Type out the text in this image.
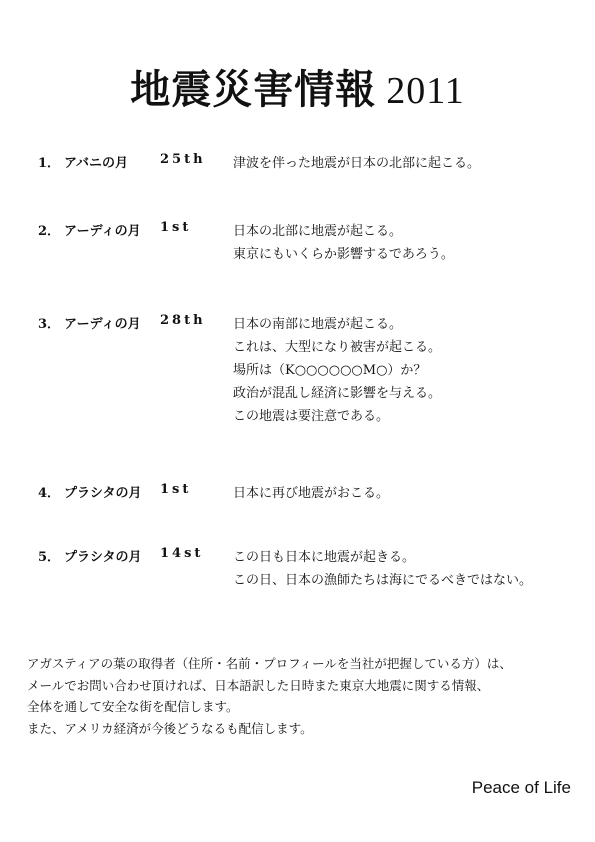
地震災害情報 2011
1． アバニの月 25th 津波を伴った地震が日本の北部に起こる。
2． アーディの月 1st	日本の北部に地震が起こる。
東京にもいくらか影響するであろう。
3． アーディの月 28th 日本の南部に地震が起こる。
これは、大型になり被害が起こる。
場所は（K○○○○○○M○）か？
政治が混乱し経済に影響を与える。
この地震は要注意である。
4． プラシタの月 1st	日本に再び地震がおこる。
5． プラシタの月 14st この日も日本に地震が起きる。
この日、日本の漁師たちは海にでるべきではない。
アガスティアの葉の取得者（住所・名前・プロフィールを当社が把握している方）は、
メールでお問い合わせ頂ければ、日本語訳した日時また東京大地震に関する情報、
全体を通して安全な街を配信します。
また、アメリカ経済が今後どうなるも配信します。
Peace of Life
